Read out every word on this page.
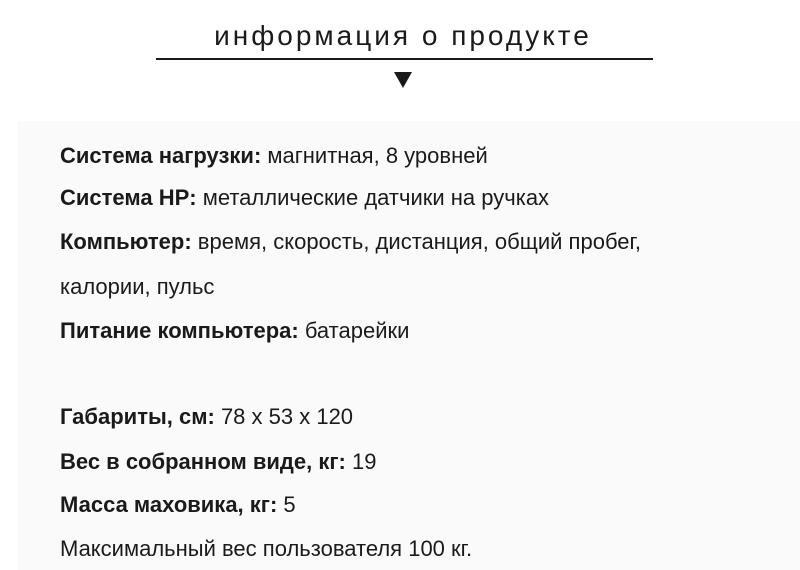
информация о продукте
Система нагрузки: магнитная, 8 уровней
Система HP: металлические датчики на ручках
Компьютер: время, скорость, дистанция, общий пробег,
калории, пульс
Питание компьютера: батарейки
Габариты, см: 78 х 53 х 120
Вес в собранном виде, кг: 19
Масса маховика, кг: 5
Максимальный вес пользователя 100 кг.
